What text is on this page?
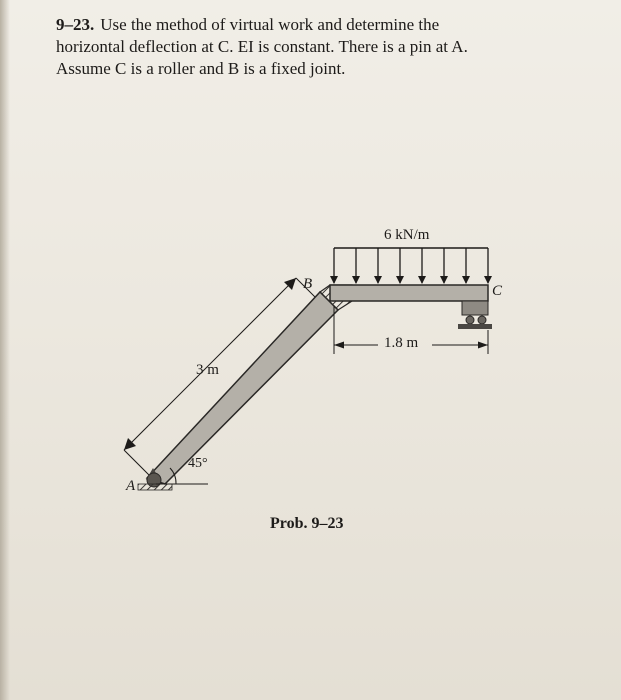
9–23. Use the method of virtual work and determine the
horizontal deflection at C. EI is constant. There is a pin at A.
Assume C is a roller and B is a fixed joint.
6 kN/m
1.8 m
3 m
45°
A
B	C
Prob. 9–23
